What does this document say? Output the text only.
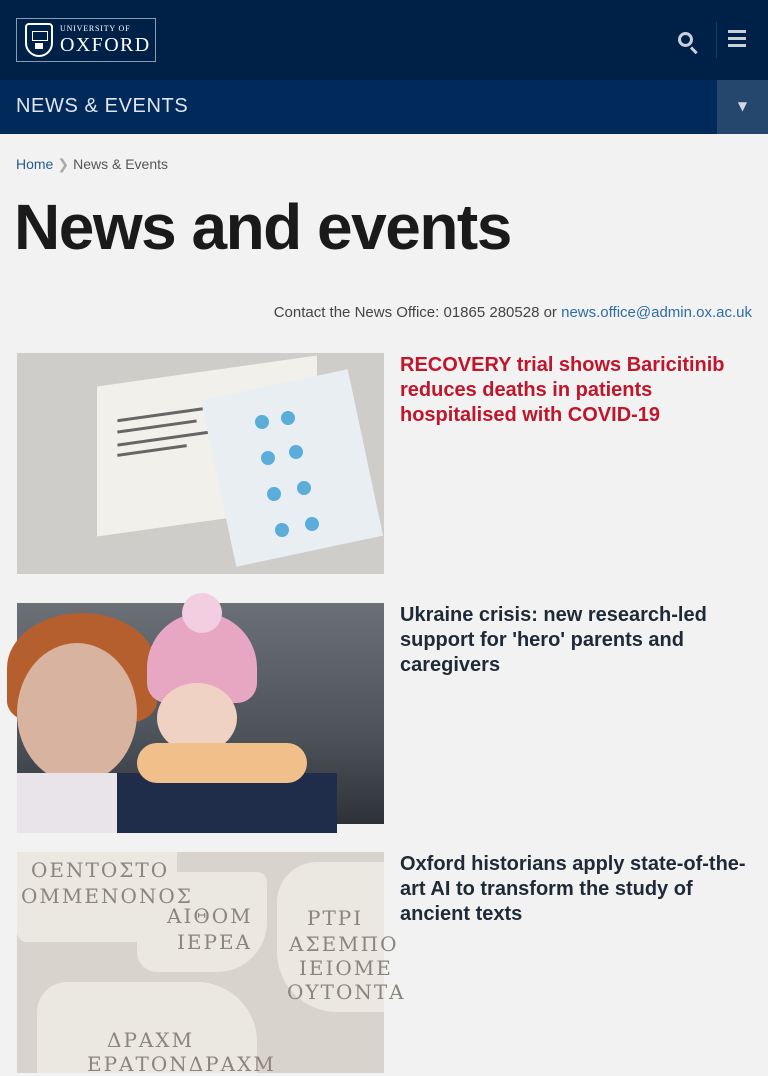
UNIVERSITY OF
OXFORD
NEWS & EVENTS	▼
Home ❯ News & Events
News and events
Contact the News Office: 01865 280528 or news.office@admin.ox.ac.uk
RECOVERY trial shows Baricitinib reduces deaths in patients hospitalised with COVID-19
Ukraine crisis: new research-led support for 'hero' parents and caregivers
ΟΕΝΤΟΣΤΟ
ΟΜΜΕΝΟΝΟΣ
ΑΙΘΟΜ
ΙΕΡΕΑ
ΡΤΡΙ
ΑΣΕΜΠΟ
ΙΕΙΟΜΕ
ΟΥΤΟΝΤΑ
ΔΡΑΧΜ
ΕΡΑΤΟΝΔΡΑΧΜ
Oxford historians apply state-of-the-art AI to transform the study of ancient texts
